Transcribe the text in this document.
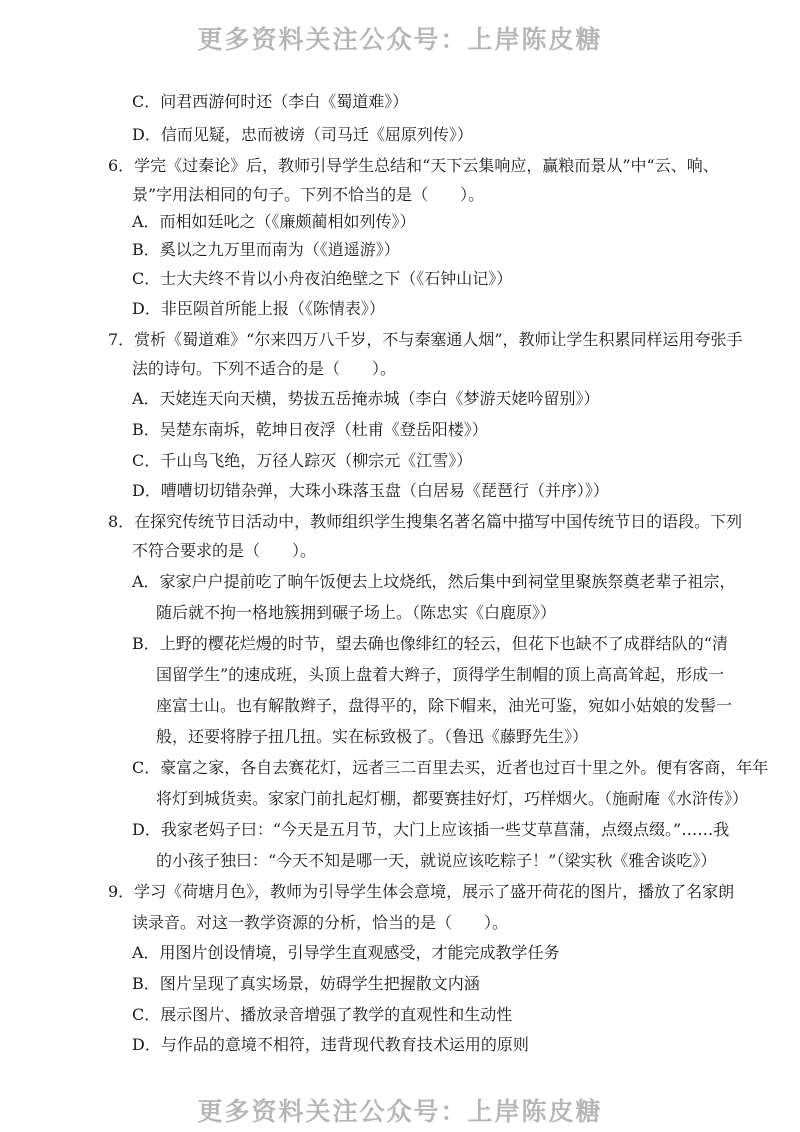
更多资料关注公众号：上岸陈皮糖

C．问君西游何时还（李白《蜀道难》）

D．信而见疑，忠而被谤（司马迁《屈原列传》）

6．学完《过秦论》后，教师引导学生总结和“天下云集响应，赢粮而景从”中“云、响、

景”字用法相同的句子。下列不恰当的是（　　）。

A．而相如廷叱之（《廉颇蔺相如列传》）

B．奚以之九万里而南为（《逍遥游》）

C．士大夫终不肯以小舟夜泊绝壁之下（《石钟山记》）

D．非臣陨首所能上报（《陈情表》）

7．赏析《蜀道难》“尔来四万八千岁，不与秦塞通人烟”，教师让学生积累同样运用夸张手

法的诗句。下列不适合的是（　　）。

A．天姥连天向天横，势拔五岳掩赤城（李白《梦游天姥吟留别》）

B．吴楚东南坼，乾坤日夜浮（杜甫《登岳阳楼》）

C．千山鸟飞绝，万径人踪灭（柳宗元《江雪》）

D．嘈嘈切切错杂弹，大珠小珠落玉盘（白居易《琵琶行（并序）》）

8．在探究传统节日活动中，教师组织学生搜集名著名篇中描写中国传统节日的语段。下列

不符合要求的是（　　）。

A．家家户户提前吃了晌午饭便去上坟烧纸，然后集中到祠堂里聚族祭奠老辈子祖宗，

随后就不拘一格地簇拥到碾子场上。（陈忠实《白鹿原》）

B．上野的樱花烂熳的时节，望去确也像绯红的轻云，但花下也缺不了成群结队的“清

国留学生”的速成班，头顶上盘着大辫子，顶得学生制帽的顶上高高耸起，形成一

座富士山。也有解散辫子，盘得平的，除下帽来，油光可鉴，宛如小姑娘的发髻一

般，还要将脖子扭几扭。实在标致极了。（鲁迅《藤野先生》）

C．豪富之家，各自去赛花灯，远者三二百里去买，近者也过百十里之外。便有客商，年年

将灯到城货卖。家家门前扎起灯棚，都要赛挂好灯，巧样烟火。（施耐庵《水浒传》）

D．我家老妈子曰：“今天是五月节，大门上应该插一些艾草菖蒲，点缀点缀。”……我

的小孩子独曰：“今天不知是哪一天，就说应该吃粽子！”（梁实秋《雅舍谈吃》）

9．学习《荷塘月色》，教师为引导学生体会意境，展示了盛开荷花的图片，播放了名家朗

读录音。对这一教学资源的分析，恰当的是（　　）。

A．用图片创设情境，引导学生直观感受，才能完成教学任务

B．图片呈现了真实场景，妨碍学生把握散文内涵

C．展示图片、播放录音增强了教学的直观性和生动性

D．与作品的意境不相符，违背现代教育技术运用的原则

更多资料关注公众号：上岸陈皮糖
